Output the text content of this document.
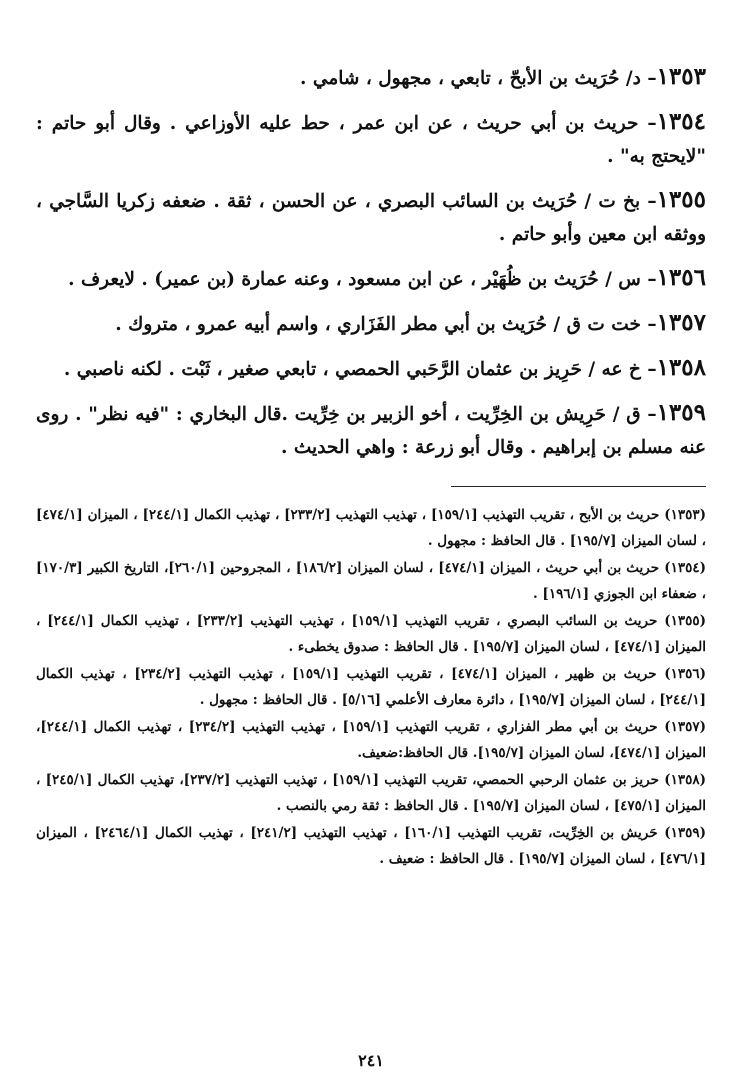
١٣٥٣– د/ حُرَيث بن الأبحّ ، تابعي ، مجهول ، شامي .
١٣٥٤– حريث بن أبي حريث ، عن ابن عمر ، حط عليه الأوزاعي . وقال أبو حاتم : "لايحتج به" .
١٣٥٥– بخ ت / حُرَيث بن السائب البصري ، عن الحسن ، ثقة . ضعفه زكريا السَّاجي ، ووثقه ابن معين وأبو حاتم .
١٣٥٦– س / حُرَيث بن ظُهَيْر ، عن ابن مسعود ، وعنه عمارة (بن عمير) . لايعرف .
١٣٥٧– خت ت ق / حُرَيث بن أبي مطر الفَزَاري ، واسم أبيه عمرو ، متروك .
١٣٥٨– خ عه / حَرِيز بن عثمان الرَّحَبي الحمصي ، تابعي صغير ، ثَبْت . لكنه ناصبي .
١٣٥٩– ق / حَرِيش بن الخِرِّيت ، أخو الزبير بن خِرِّيت .قال البخاري : "فيه نظر" . روى عنه مسلم بن إبراهيم . وقال أبو زرعة : واهي الحديث .
(١٣٥٣) حريث بن الأبح ، تقريب التهذيب [١٥٩/١] ، تهذيب التهذيب [٢٣٣/٢] ، تهذيب الكمال [٢٤٤/١] ، الميزان [٤٧٤/١] ، لسان الميزان [١٩٥/٧] . قال الحافظ : مجهول .
(١٣٥٤) حريث بن أبي حريث ، الميزان [٤٧٤/١] ، لسان الميزان [١٨٦/٢] ، المجروحين [٢٦٠/١]، التاريخ الكبير [١٧٠/٣] ، ضعفاء ابن الجوزي [١٩٦/١] .
(١٣٥٥) حريث بن السائب البصري ، تقريب التهذيب [١٥٩/١] ، تهذيب التهذيب [٢٣٣/٢] ، تهذيب الكمال [٢٤٤/١] ، الميزان [٤٧٤/١] ، لسان الميزان [١٩٥/٧] . قال الحافظ : صدوق يخطىء .
(١٣٥٦) حريث بن ظهير ، الميزان [٤٧٤/١] ، تقريب التهذيب [١٥٩/١] ، تهذيب التهذيب [٢٣٤/٢] ، تهذيب الكمال [٢٤٤/١] ، لسان الميزان [١٩٥/٧] ، دائرة معارف الأعلمي [٥/١٦] . قال الحافظ : مجهول .
(١٣٥٧) حريث بن أبي مطر الفزاري ، تقريب التهذيب [١٥٩/١] ، تهذيب التهذيب [٢٣٤/٢] ، تهذيب الكمال [٢٤٤/١]، الميزان [٤٧٤/١]، لسان الميزان [١٩٥/٧]. قال الحافظ:ضعيف.
(١٣٥٨) حريز بن عثمان الرحبي الحمصي، تقريب التهذيب [١٥٩/١] ، تهذيب التهذيب [٢٣٧/٢]، تهذيب الكمال [٢٤٥/١] ، الميزان [٤٧٥/١] ، لسان الميزان [١٩٥/٧] . قال الحافظ : ثقة رمي بالنصب .
(١٣٥٩) حَريش بن الخِرِّيت، تقريب التهذيب [١٦٠/١] ، تهذيب التهذيب [٢٤١/٢] ، تهذيب الكمال [٢٤٦٤/١] ، الميزان [٤٧٦/١] ، لسان الميزان [١٩٥/٧] . قال الحافظ : ضعيف .
٢٤١
